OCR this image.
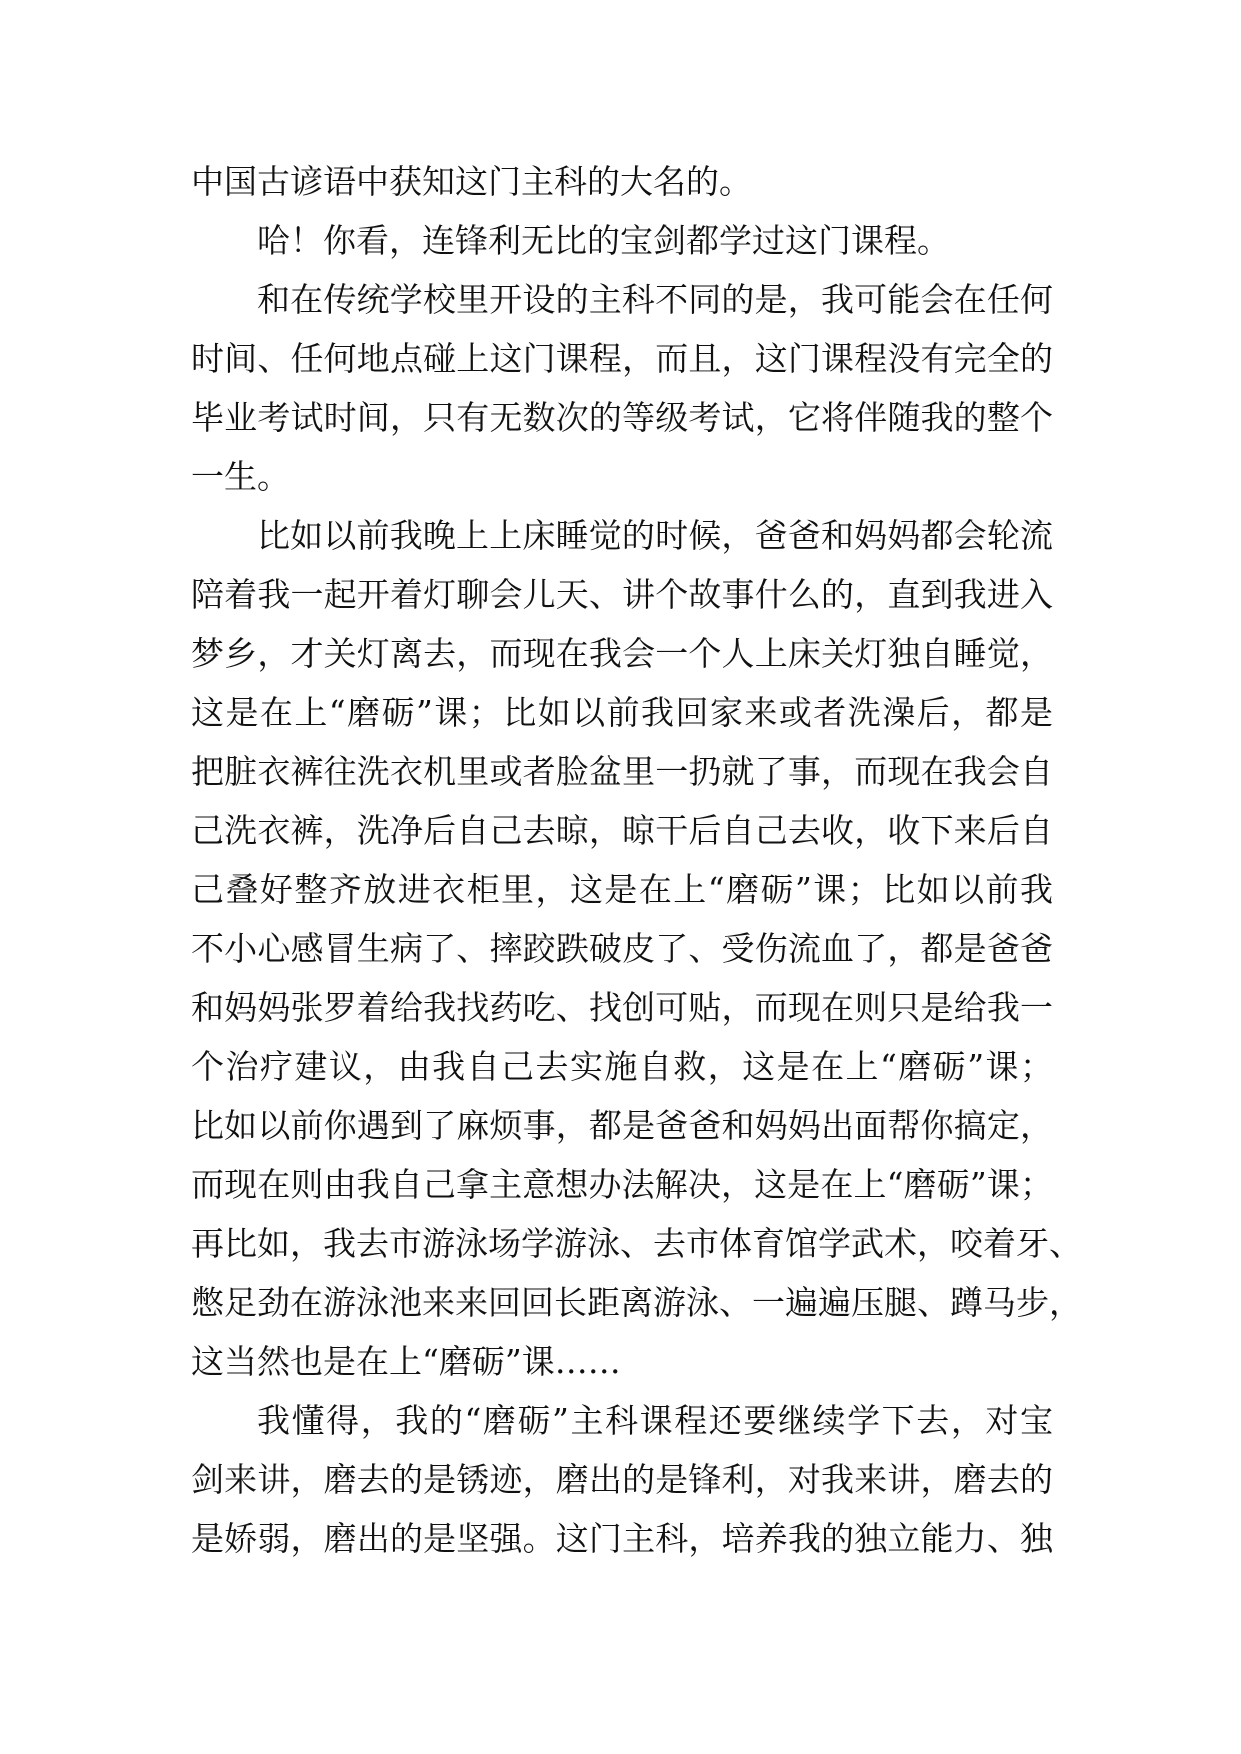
中国古谚语中获知这门主科的大名的。
哈！你看，连锋利无比的宝剑都学过这门课程。
和在传统学校里开设的主科不同的是，我可能会在任何
时间、任何地点碰上这门课程，而且，这门课程没有完全的
毕业考试时间，只有无数次的等级考试，它将伴随我的整个
一生。
比如以前我晚上上床睡觉的时候，爸爸和妈妈都会轮流
陪着我一起开着灯聊会儿天、讲个故事什么的，直到我进入
梦乡，才关灯离去，而现在我会一个人上床关灯独自睡觉，
这是在上“磨砺”课；比如以前我回家来或者洗澡后，都是
把脏衣裤往洗衣机里或者脸盆里一扔就了事，而现在我会自
己洗衣裤，洗净后自己去晾，晾干后自己去收，收下来后自
己叠好整齐放进衣柜里，这是在上“磨砺”课；比如以前我
不小心感冒生病了、摔跤跌破皮了、受伤流血了，都是爸爸
和妈妈张罗着给我找药吃、找创可贴，而现在则只是给我一
个治疗建议，由我自己去实施自救，这是在上“磨砺”课；
比如以前你遇到了麻烦事，都是爸爸和妈妈出面帮你搞定，
而现在则由我自己拿主意想办法解决，这是在上“磨砺”课；
再比如，我去市游泳场学游泳、去市体育馆学武术，咬着牙、
憋足劲在游泳池来来回回长距离游泳、一遍遍压腿、蹲马步，
这当然也是在上“磨砺”课……
我懂得，我的“磨砺”主科课程还要继续学下去，对宝
剑来讲，磨去的是锈迹，磨出的是锋利，对我来讲，磨去的
是娇弱，磨出的是坚强。这门主科，培养我的独立能力、独
